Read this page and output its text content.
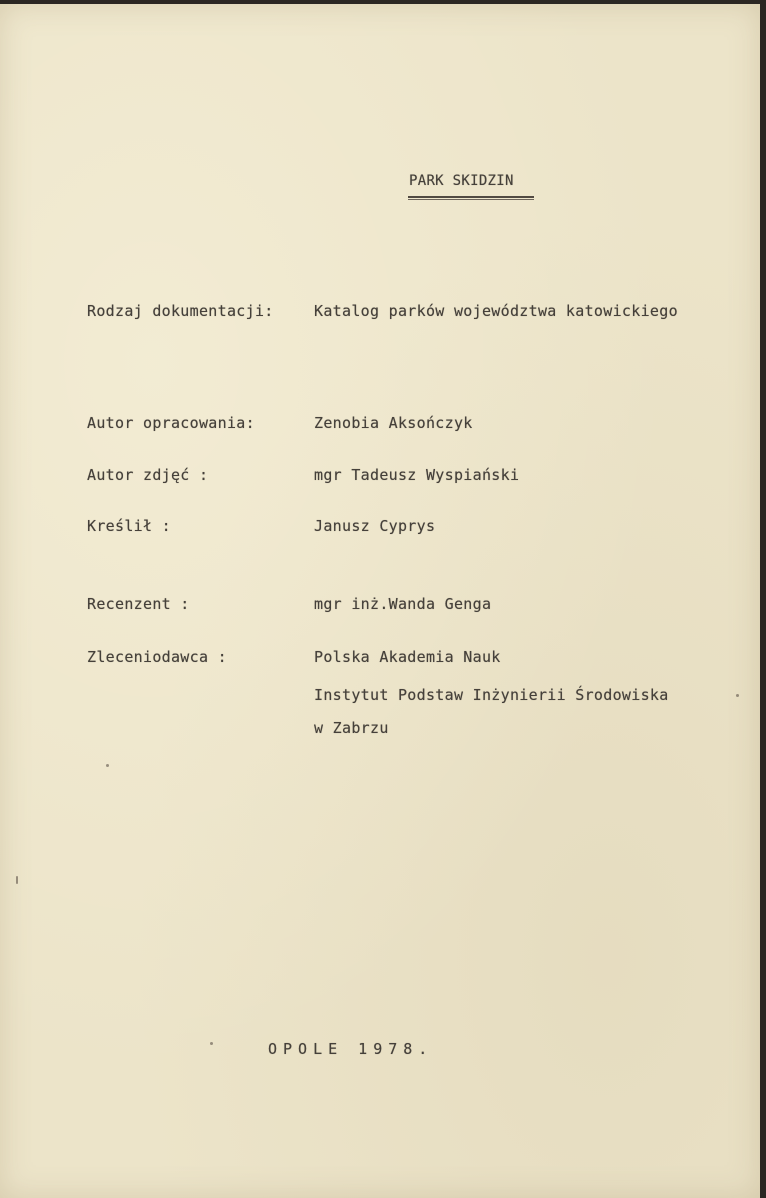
PARK SKIDZIN
Rodzaj dokumentacji:	Katalog parków województwa katowickiego
Autor opracowania:	Zenobia Aksończyk
Autor zdjęć :	mgr Tadeusz Wyspiański
Kreślił :	Janusz Cyprys
Recenzent :	mgr inż.Wanda Genga
Zleceniodawca :	Polska Akademia Nauk
Instytut Podstaw Inżynierii Środowiska
w Zabrzu
OPOLE 1978.
